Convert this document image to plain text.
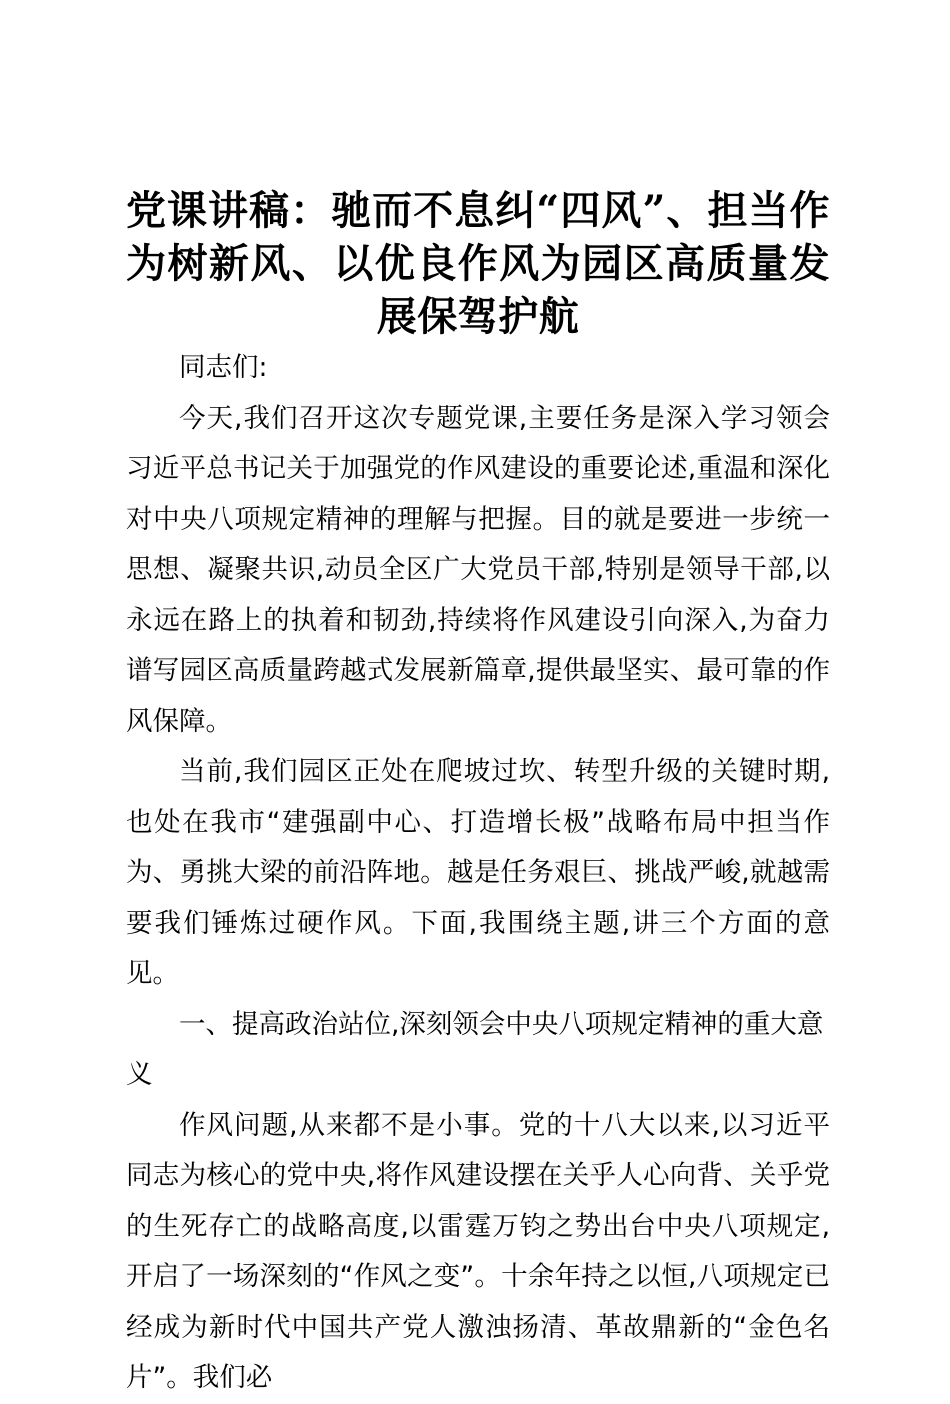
党课讲稿：驰而不息纠“四风”、担当作为树新风、以优良作风为园区高质量发展保驾护航

同志们:

今天,我们召开这次专题党课,主要任务是深入学习领会习近平总书记关于加强党的作风建设的重要论述,重温和深化对中央八项规定精神的理解与把握。目的就是要进一步统一思想、凝聚共识,动员全区广大党员干部,特别是领导干部,以永远在路上的执着和韧劲,持续将作风建设引向深入,为奋力谱写园区高质量跨越式发展新篇章,提供最坚实、最可靠的作风保障。

当前,我们园区正处在爬坡过坎、转型升级的关键时期,也处在我市“建强副中心、打造增长极”战略布局中担当作为、勇挑大梁的前沿阵地。越是任务艰巨、挑战严峻,就越需要我们锤炼过硬作风。下面,我围绕主题,讲三个方面的意见。

一、提高政治站位,深刻领会中央八项规定精神的重大意义

作风问题,从来都不是小事。党的十八大以来,以习近平同志为核心的党中央,将作风建设摆在关乎人心向背、关乎党的生死存亡的战略高度,以雷霆万钧之势出台中央八项规定,开启了一场深刻的“作风之变”。十余年持之以恒,八项规定已经成为新时代中国共产党人激浊扬清、革故鼎新的“金色名片”。我们必
